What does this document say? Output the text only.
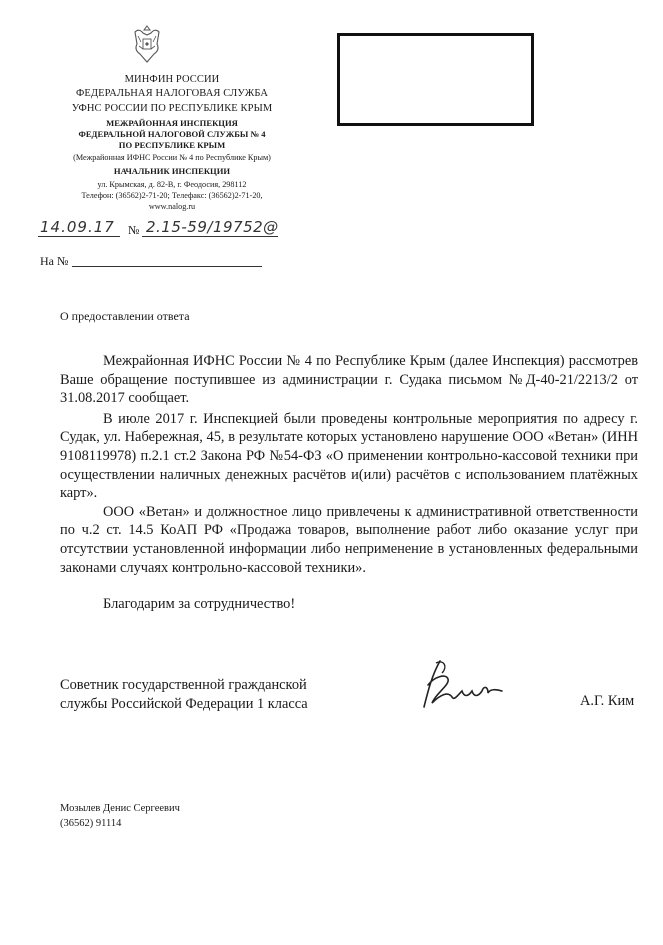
МИНФИН РОССИИ
ФЕДЕРАЛЬНАЯ НАЛОГОВАЯ СЛУЖБА
УФНС РОССИИ ПО РЕСПУБЛИКЕ КРЫМ
МЕЖРАЙОННАЯ ИНСПЕКЦИЯ
ФЕДЕРАЛЬНОЙ НАЛОГОВОЙ СЛУЖБЫ № 4
ПО РЕСПУБЛИКЕ КРЫМ
(Межрайонная ИФНС России № 4 по Республике Крым)
НАЧАЛЬНИК ИНСПЕКЦИИ
ул. Крымская, д. 82-В, г. Феодосия, 298112
Телефон: (36562)2-71-20; Телефакс: (36562)2-71-20,
www.nalog.ru
14.09.17 № 2.15-59/19752@
На №
О предоставлении ответа

Межрайонная ИФНС России № 4 по Республике Крым (далее Инспекция) рассмотрев Ваше обращение поступившее из администрации г. Судака письмом №Д-40-21/2213/2 от 31.08.2017 сообщает.

В июле 2017 г. Инспекцией были проведены контрольные мероприятия по адресу г. Судак, ул. Набережная, 45, в результате которых установлено нарушение ООО «Ветан» (ИНН 9108119978) п.2.1 ст.2 Закона РФ №54-ФЗ «О применении контрольно-кассовой техники при осуществлении наличных денежных расчётов и(или) расчётов с использованием платёжных карт».

ООО «Ветан» и должностное лицо привлечены к административной ответственности по ч.2 ст. 14.5 КоАП РФ «Продажа товаров, выполнение работ либо оказание услуг при отсутствии установленной информации либо неприменение в установленных федеральными законами случаях контрольно-кассовой техники».

Благодарим за сотрудничество!

Советник государственной гражданской
службы Российской Федерации 1 класса	А.Г. Ким
Мозылев Денис Сергеевич
(36562) 91114
